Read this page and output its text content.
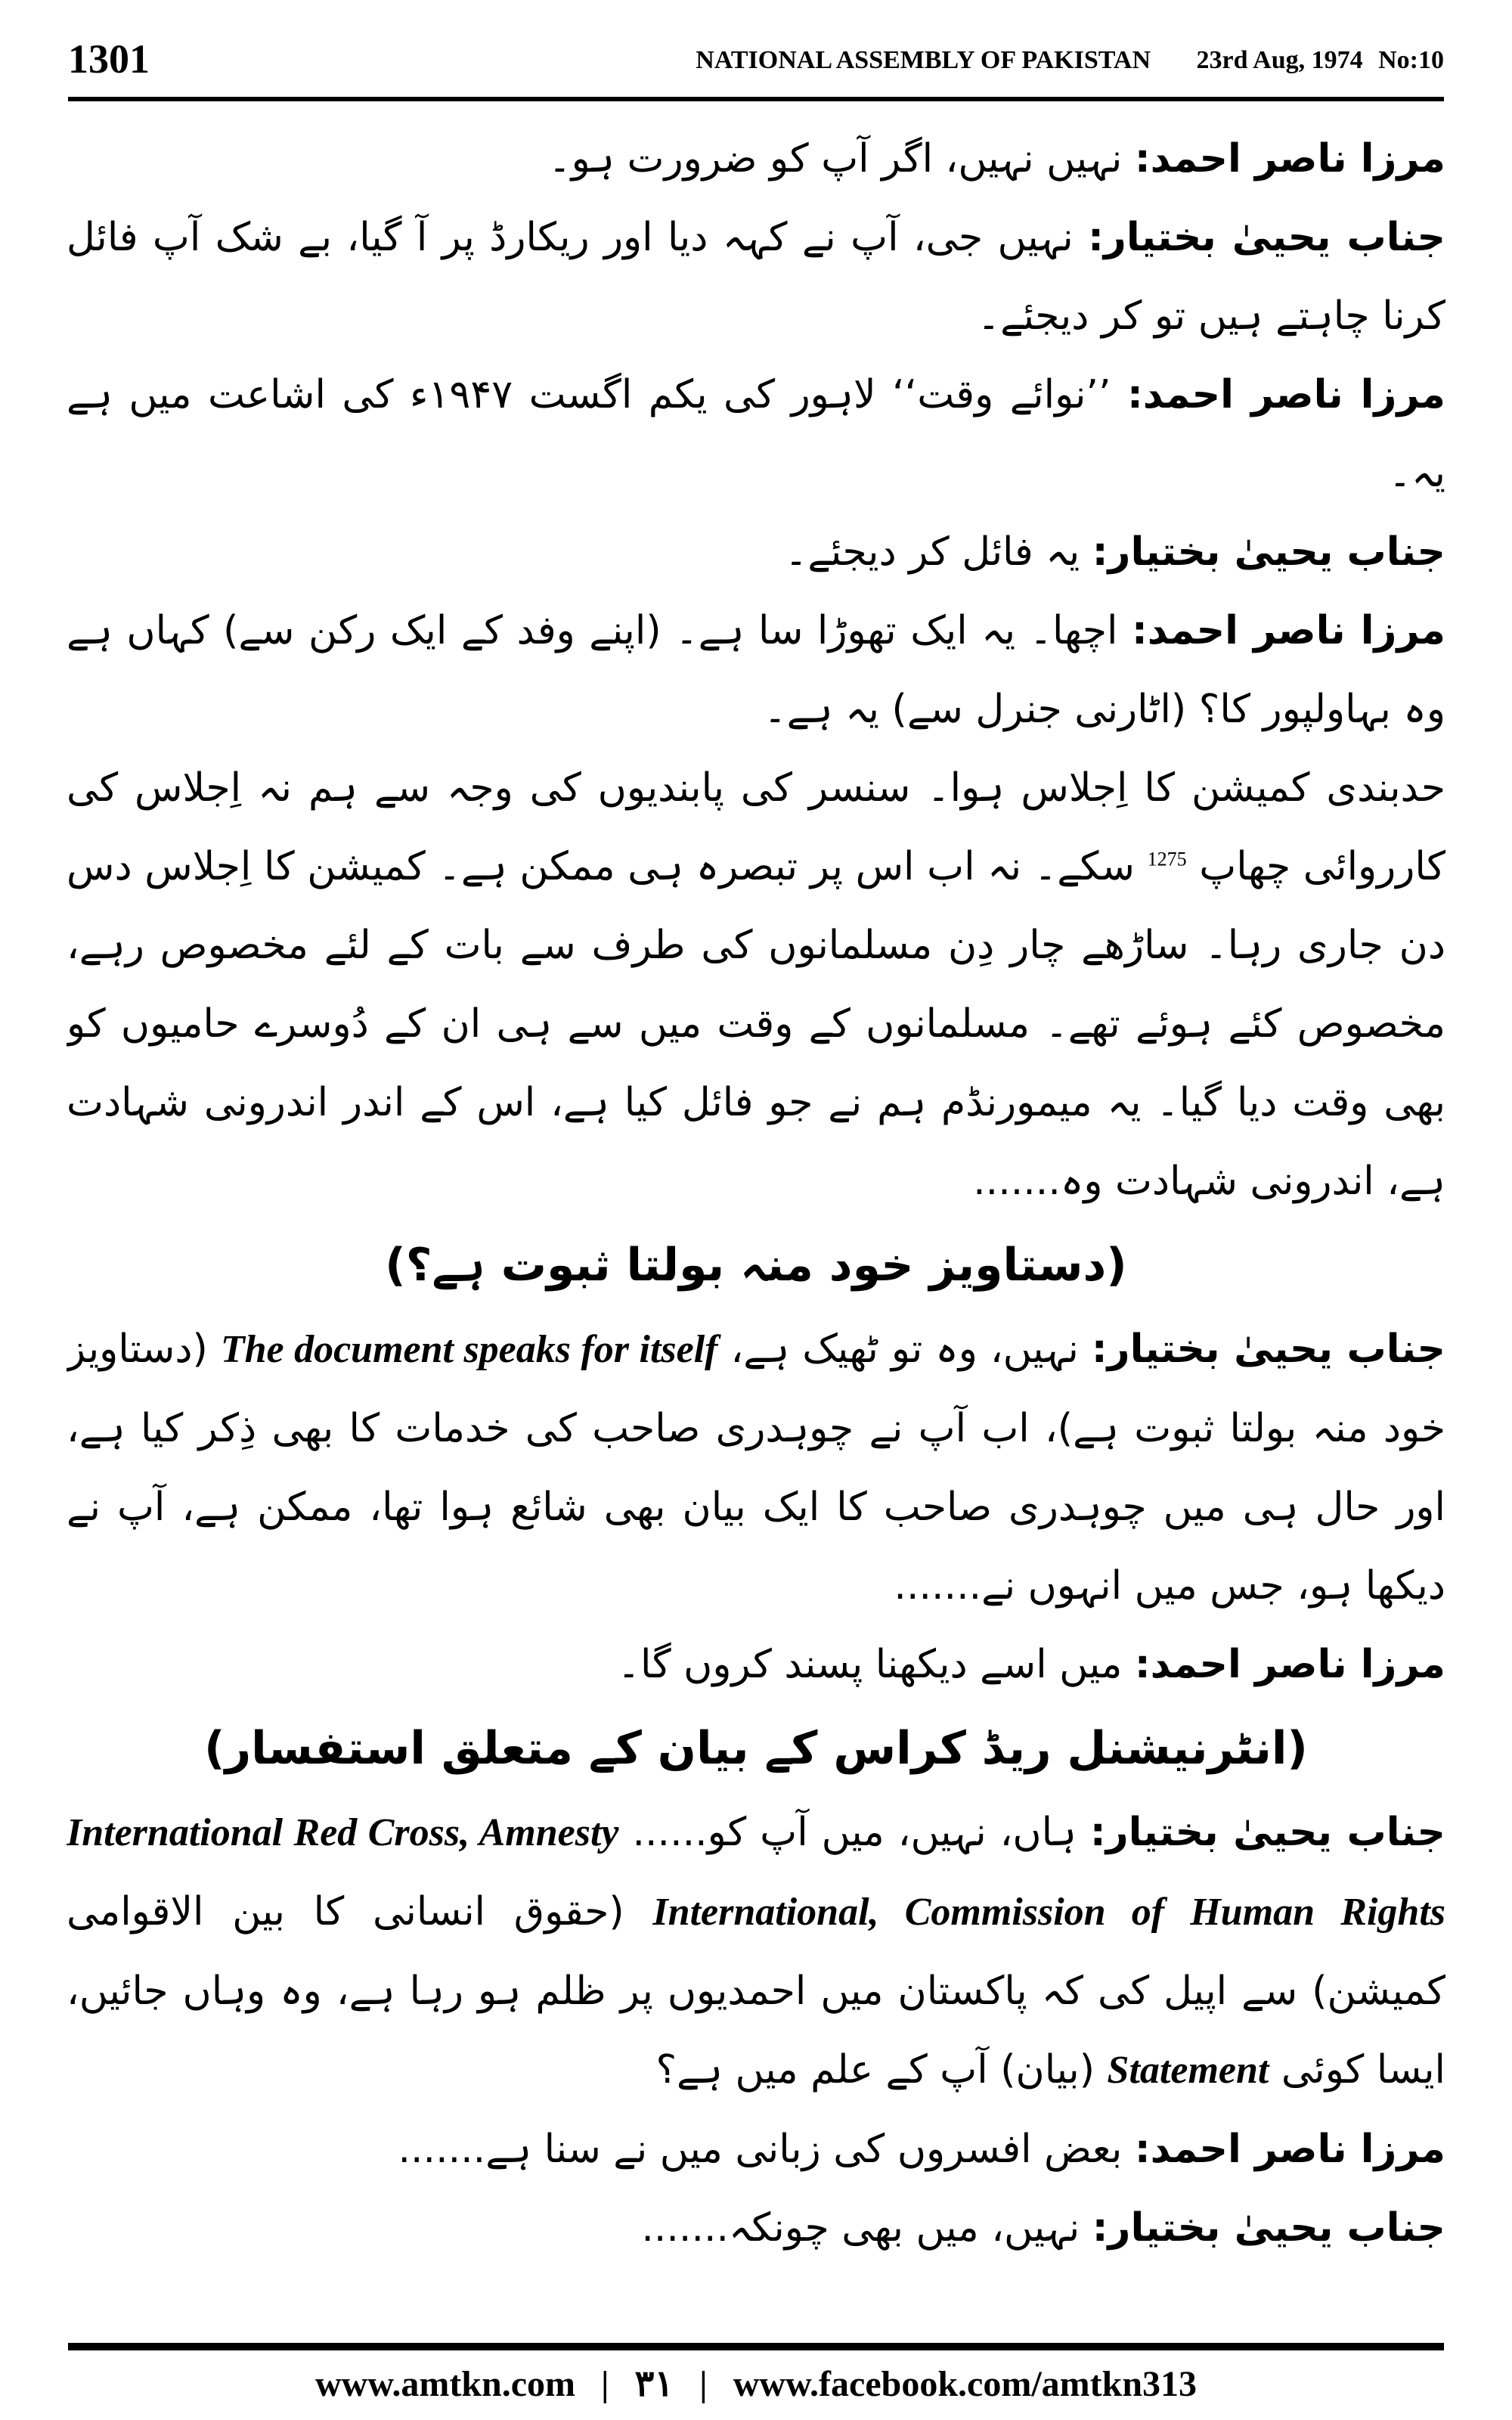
1301	NATIONAL ASSEMBLY OF PAKISTAN 23rd Aug, 1974 No:10

مرزا ناصر احمد: نہیں نہیں، اگر آپ کو ضرورت ہو۔

جناب یحییٰ بختیار: نہیں جی، آپ نے کہہ دیا اور ریکارڈ پر آ گیا، بے شک آپ فائل کرنا چاہتے ہیں تو کر دیجئے۔

مرزا ناصر احمد: ’’نوائے وقت‘‘ لاہور کی یکم اگست ۱۹۴۷ء کی اشاعت میں ہے یہ۔

جناب یحییٰ بختیار: یہ فائل کر دیجئے۔

مرزا ناصر احمد: اچھا۔ یہ ایک تھوڑا سا ہے۔ (اپنے وفد کے ایک رکن سے) کہاں ہے وہ بہاولپور کا؟ (اٹارنی جنرل سے) یہ ہے۔

حدبندی کمیشن کا اِجلاس ہوا۔ سنسر کی پابندیوں کی وجہ سے ہم نہ اِجلاس کی کارروائی چھاپ $^{1275}$ سکے۔ نہ اب اس پر تبصرہ ہی ممکن ہے۔ کمیشن کا اِجلاس دس دن جاری رہا۔ ساڑھے چار دِن مسلمانوں کی طرف سے بات کے لئے مخصوص رہے، مخصوص کئے ہوئے تھے۔ مسلمانوں کے وقت میں سے ہی ان کے دُوسرے حامیوں کو بھی وقت دیا گیا۔ یہ میمورنڈم ہم نے جو فائل کیا ہے، اس کے اندر اندرونی شہادت ہے، اندرونی شہادت وہ.......

(دستاویز خود منہ بولتا ثبوت ہے؟)

جناب یحییٰ بختیار: نہیں، وہ تو ٹھیک ہے، The document speaks for itself (دستاویز خود منہ بولتا ثبوت ہے)، اب آپ نے چوہدری صاحب کی خدمات کا بھی ذِکر کیا ہے، اور حال ہی میں چوہدری صاحب کا ایک بیان بھی شائع ہوا تھا، ممکن ہے، آپ نے دیکھا ہو، جس میں انہوں نے.......

مرزا ناصر احمد: میں اسے دیکھنا پسند کروں گا۔

(انٹرنیشنل ریڈ کراس کے بیان کے متعلق استفسار)

جناب یحییٰ بختیار: ہاں، نہیں، میں آپ کو...... International Red Cross, Amnesty International, Commission of Human Rights (حقوق انسانی کا بین الاقوامی کمیشن) سے اپیل کی کہ پاکستان میں احمدیوں پر ظلم ہو رہا ہے، وہ وہاں جائیں، ایسا کوئی Statement (بیان) آپ کے علم میں ہے؟

مرزا ناصر احمد: بعض افسروں کی زبانی میں نے سنا ہے.......

جناب یحییٰ بختیار: نہیں، میں بھی چونکہ.......

www.amtkn.com | ۳۱ | www.facebook.com/amtkn313
